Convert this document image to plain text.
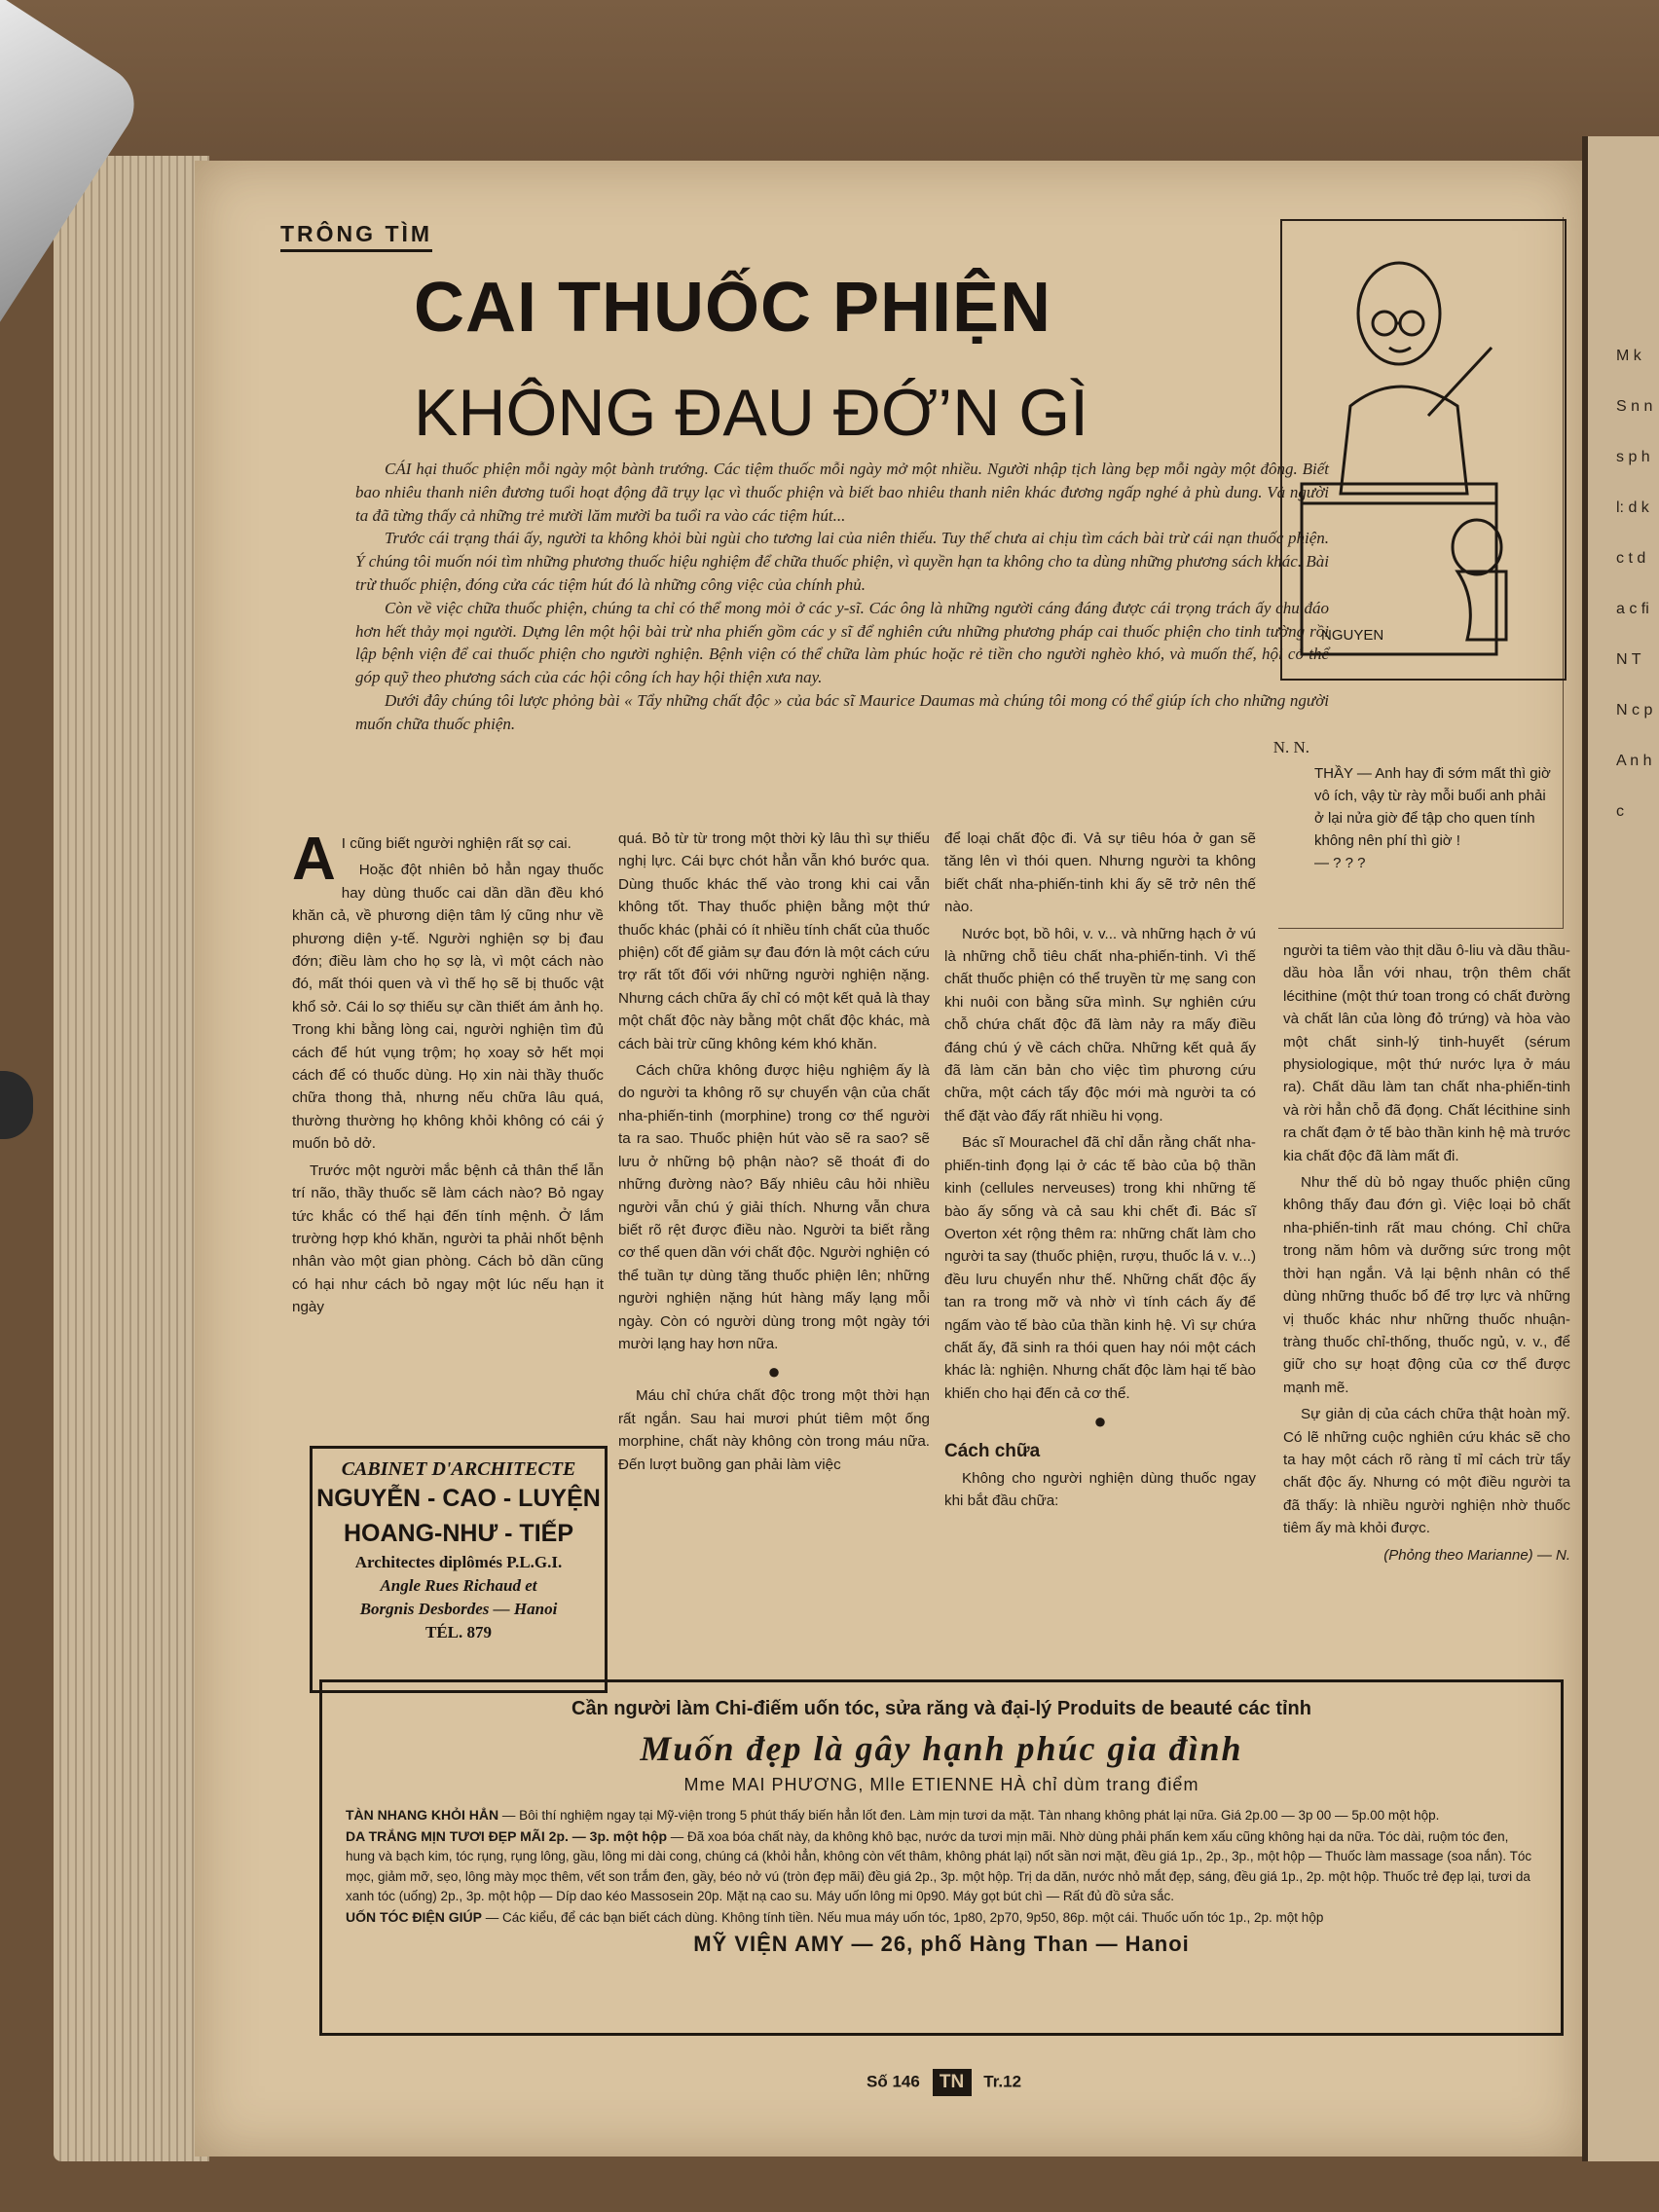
M k S n n s p h l: d k c t d a c fi N T N c p A n h c
TRÔNG TÌM
CAI THUỐC PHIỆN
KHÔNG ĐAU ĐỚ’N GÌ

CÁI hại thuốc phiện mỗi ngày một bành trướng. Các tiệm thuốc mỗi ngày mở một nhiều. Người nhập tịch làng bẹp mỗi ngày một đông. Biết bao nhiêu thanh niên đương tuổi hoạt động đã trụy lạc vì thuốc phiện và biết bao nhiêu thanh niên khác đương ngấp nghé ả phù dung. Và người ta đã từng thấy cả những trẻ mười lăm mười ba tuổi ra vào các tiệm hút...

Trước cái trạng thái ấy, người ta không khỏi bùi ngùi cho tương lai của niên thiếu. Tuy thế chưa ai chịu tìm cách bài trừ cái nạn thuốc phiện. Ý chúng tôi muốn nói tìm những phương thuốc hiệu nghiệm để chữa thuốc phiện, vì quyền hạn ta không cho ta dùng những phương sách khác. Bài trừ thuốc phiện, đóng cửa các tiệm hút đó là những công việc của chính phủ.

Còn về việc chữa thuốc phiện, chúng ta chỉ có thể mong mỏi ở các y-sĩ. Các ông là những người cáng đáng được cái trọng trách ấy chu đáo hơn hết thảy mọi người. Dựng lên một hội bài trừ nha phiến gồm các y sĩ để nghiên cứu những phương pháp cai thuốc phiện cho tinh tường rồi lập bệnh viện để cai thuốc phiện cho người nghiện. Bệnh viện có thể chữa làm phúc hoặc rẻ tiền cho người nghèo khó, và muốn thế, hội có thể góp quỹ theo phương sách của các hội công ích hay hội thiện xưa nay.

Dưới đây chúng tôi lược phỏng bài « Tẩy những chất độc » của bác sĩ Maurice Daumas mà chúng tôi mong có thể giúp ích cho những người muốn chữa thuốc phiện.

N. N.

NGUYEN
THẦY — Anh hay đi sớm mất thì giờ vô ích, vậy từ rày mỗi buổi anh phải ở lại nửa giờ để tập cho quen tính không nên phí thì giờ !
— ? ? ?

A I cũng biết người nghiện rất sợ cai.

Hoặc đột nhiên bỏ hẳn ngay thuốc hay dùng thuốc cai dần dần đều khó khăn cả, về phương diện tâm lý cũng như về phương diện y-tế. Người nghiện sợ bị đau đớn; điều làm cho họ sợ là, vì một cách nào đó, mất thói quen và vì thế họ sẽ bị thuốc vật khổ sở. Cái lo sợ thiếu sự cần thiết ám ảnh họ. Trong khi bằng lòng cai, người nghiện tìm đủ cách để hút vụng trộm; họ xoay sở hết mọi cách để có thuốc dùng. Họ xin nài thầy thuốc chữa thong thả, nhưng nếu chữa lâu quá, thường thường họ không khỏi không có cái ý muốn bỏ dở.

Trước một người mắc bệnh cả thân thể lẫn trí não, thầy thuốc sẽ làm cách nào? Bỏ ngay tức khắc có thể hại đến tính mệnh. Ở lắm trường hợp khó khăn, người ta phải nhốt bệnh nhân vào một gian phòng. Cách bỏ dần cũng có hại như cách bỏ ngay một lúc nếu hạn it ngày

CABINET D'ARCHITECTE
NGUYỄN - CAO - LUYỆN
HOANG-NHƯ - TIẾP
Architectes diplômés P.L.G.I.
Angle Rues Richaud et
Borgnis Desbordes — Hanoi
TÉL. 879

quá. Bỏ từ từ trong một thời kỳ lâu thì sự thiếu nghị lực. Cái bực chót hẳn vẫn khó bước qua. Dùng thuốc khác thế vào trong khi cai vẫn không tốt. Thay thuốc phiện bằng một thứ thuốc khác (phải có ít nhiều tính chất của thuốc phiện) cốt để giảm sự đau đớn là một cách cứu trợ rất tốt đối với những người nghiện nặng. Nhưng cách chữa ấy chỉ có một kết quả là thay một chất độc này bằng một chất độc khác, mà cách bài trừ cũng không kém khó khăn.

Cách chữa không được hiệu nghiệm ấy là do người ta không rõ sự chuyển vận của chất nha-phiến-tinh (morphine) trong cơ thể người ta ra sao. Thuốc phiện hút vào sẽ ra sao? sẽ lưu ở những bộ phận nào? sẽ thoát đi do những đường nào? Bấy nhiêu câu hỏi nhiều người vẫn chú ý giải thích. Nhưng vẫn chưa biết rõ rệt được điều nào. Người ta biết rằng cơ thể quen dần với chất độc. Người nghiện có thể tuần tự dùng tăng thuốc phiện lên; những người nghiện nặng hút hàng mấy lạng mỗi ngày. Còn có người dùng trong một ngày tới mười lạng hay hơn nữa.

●

Máu chỉ chứa chất độc trong một thời hạn rất ngắn. Sau hai mươi phút tiêm một ống morphine, chất này không còn trong máu nữa. Đến lượt buồng gan phải làm việc

để loại chất độc đi. Vả sự tiêu hóa ở gan sẽ tăng lên vì thói quen. Nhưng người ta không biết chất nha-phiến-tinh khi ấy sẽ trở nên thế nào.

Nước bọt, bồ hôi, v. v... và những hạch ở vú là những chỗ tiêu chất nha-phiến-tinh. Vì thế chất thuốc phiện có thể truyền từ mẹ sang con khi nuôi con bằng sữa mình. Sự nghiên cứu chỗ chứa chất độc đã làm nảy ra mấy điều đáng chú ý về cách chữa. Những kết quả ấy đã làm căn bản cho việc tìm phương cứu chữa, một cách tẩy độc mới mà người ta có thể đặt vào đấy rất nhiều hi vọng.

Bác sĩ Mourachel đã chỉ dẫn rằng chất nha-phiến-tinh đọng lại ở các tế bào của bộ thần kinh (cellules nerveuses) trong khi những tế bào ấy sống và cả sau khi chết đi. Bác sĩ Overton xét rộng thêm ra: những chất làm cho người ta say (thuốc phiện, rượu, thuốc lá v. v...) đều lưu chuyển như thế. Những chất độc ấy tan ra trong mỡ và nhờ vì tính cách ấy để ngấm vào tế bào của thần kinh hệ. Vì sự chứa chất ấy, đã sinh ra thói quen hay nói một cách khác là: nghiện. Nhưng chất độc làm hại tế bào khiến cho hại đến cả cơ thể.

●

Cách chữa

Không cho người nghiện dùng thuốc ngay khi bắt đầu chữa:

người ta tiêm vào thịt dầu ô-liu và dầu thầu-dầu hòa lẫn với nhau, trộn thêm chất lécithine (một thứ toan trong có chất đường và chất lân của lòng đỏ trứng) và hòa vào một chất sinh-lý tinh-huyết (sérum physiologique, một thứ nước lựa ở máu ra). Chất dầu làm tan chất nha-phiến-tinh và rời hẳn chỗ đã đọng. Chất lécithine sinh ra chất đạm ở tế bào thần kinh hệ mà trước kia chất độc đã làm mất đi.

Như thế dù bỏ ngay thuốc phiện cũng không thấy đau đớn gì. Việc loại bỏ chất nha-phiến-tinh rất mau chóng. Chỉ chữa trong năm hôm và dưỡng sức trong một thời hạn ngắn. Vả lại bệnh nhân có thể dùng những thuốc bổ để trợ lực và những vị thuốc khác như những thuốc nhuận-tràng thuốc chỉ-thống, thuốc ngủ, v. v., để giữ cho sự hoạt động của cơ thể được mạnh mẽ.

Sự giản dị của cách chữa thật hoàn mỹ. Có lẽ những cuộc nghiên cứu khác sẽ cho ta hay một cách rõ ràng tỉ mỉ cách trừ tẩy chất độc ấy. Nhưng có một điều người ta đã thấy: là nhiều người nghiện nhờ thuốc tiêm ấy mà khỏi được.

(Phỏng theo Marianne) — N.

Cần người làm Chi-điếm uốn tóc, sửa răng và đại-lý Produits de beauté các tỉnh
Muốn đẹp là gây hạnh phúc gia đình
Mme MAI PHƯƠNG, Mlle ETIENNE HÀ chỉ dùm trang điểm
TÀN NHANG KHỎI HẲN — Bôi thí nghiệm ngay tại Mỹ-viện trong 5 phút thấy biến hẳn lốt đen. Làm mịn tươi da mặt. Tàn nhang không phát lại nữa. Giá 2p.00 — 3p 00 — 5p.00 một hộp.
DA TRẮNG MỊN TƯƠI ĐẸP MÃI 2p. — 3p. một hộp — Đã xoa bóa chất này, da không khô bạc, nước da tươi mịn mãi. Nhờ dùng phải phấn kem xấu cũng không hại da nữa. Tóc dài, ruộm tóc đen, hung và bạch kim, tóc rụng, rụng lông, gầu, lông mi dài cong, chúng cá (khỏi hẳn, không còn vết thâm, không phát lại) nốt sần nơi mặt, đều giá 1p., 2p., 3p., một hộp — Thuốc làm massage (soa nắn). Tóc mọc, giảm mỡ, sẹo, lông mày mọc thêm, vết son trắm đen, gầy, béo nở vú (tròn đẹp mãi) đều giá 2p., 3p. một hộp. Trị da dăn, nước nhỏ mắt đẹp, sáng, đều giá 1p., 2p. một hộp. Thuốc trẻ đẹp lại, tươi da xanh tóc (uống) 2p., 3p. một hộp — Díp dao kéo Massosein 20p. Mặt nạ cao su. Máy uốn lông mi 0p90. Máy gọt bút chì — Rất đủ đồ sửa sắc.
UỐN TÓC ĐIỆN GIÚP — Các kiểu, để các bạn biết cách dùng. Không tính tiền. Nếu mua máy uốn tóc, 1p80, 2p70, 9p50, 86p. một cái. Thuốc uốn tóc 1p., 2p. một hộp
MỸ VIỆN AMY — 26, phố Hàng Than — Hanoi
Số 146 TN Tr.12
